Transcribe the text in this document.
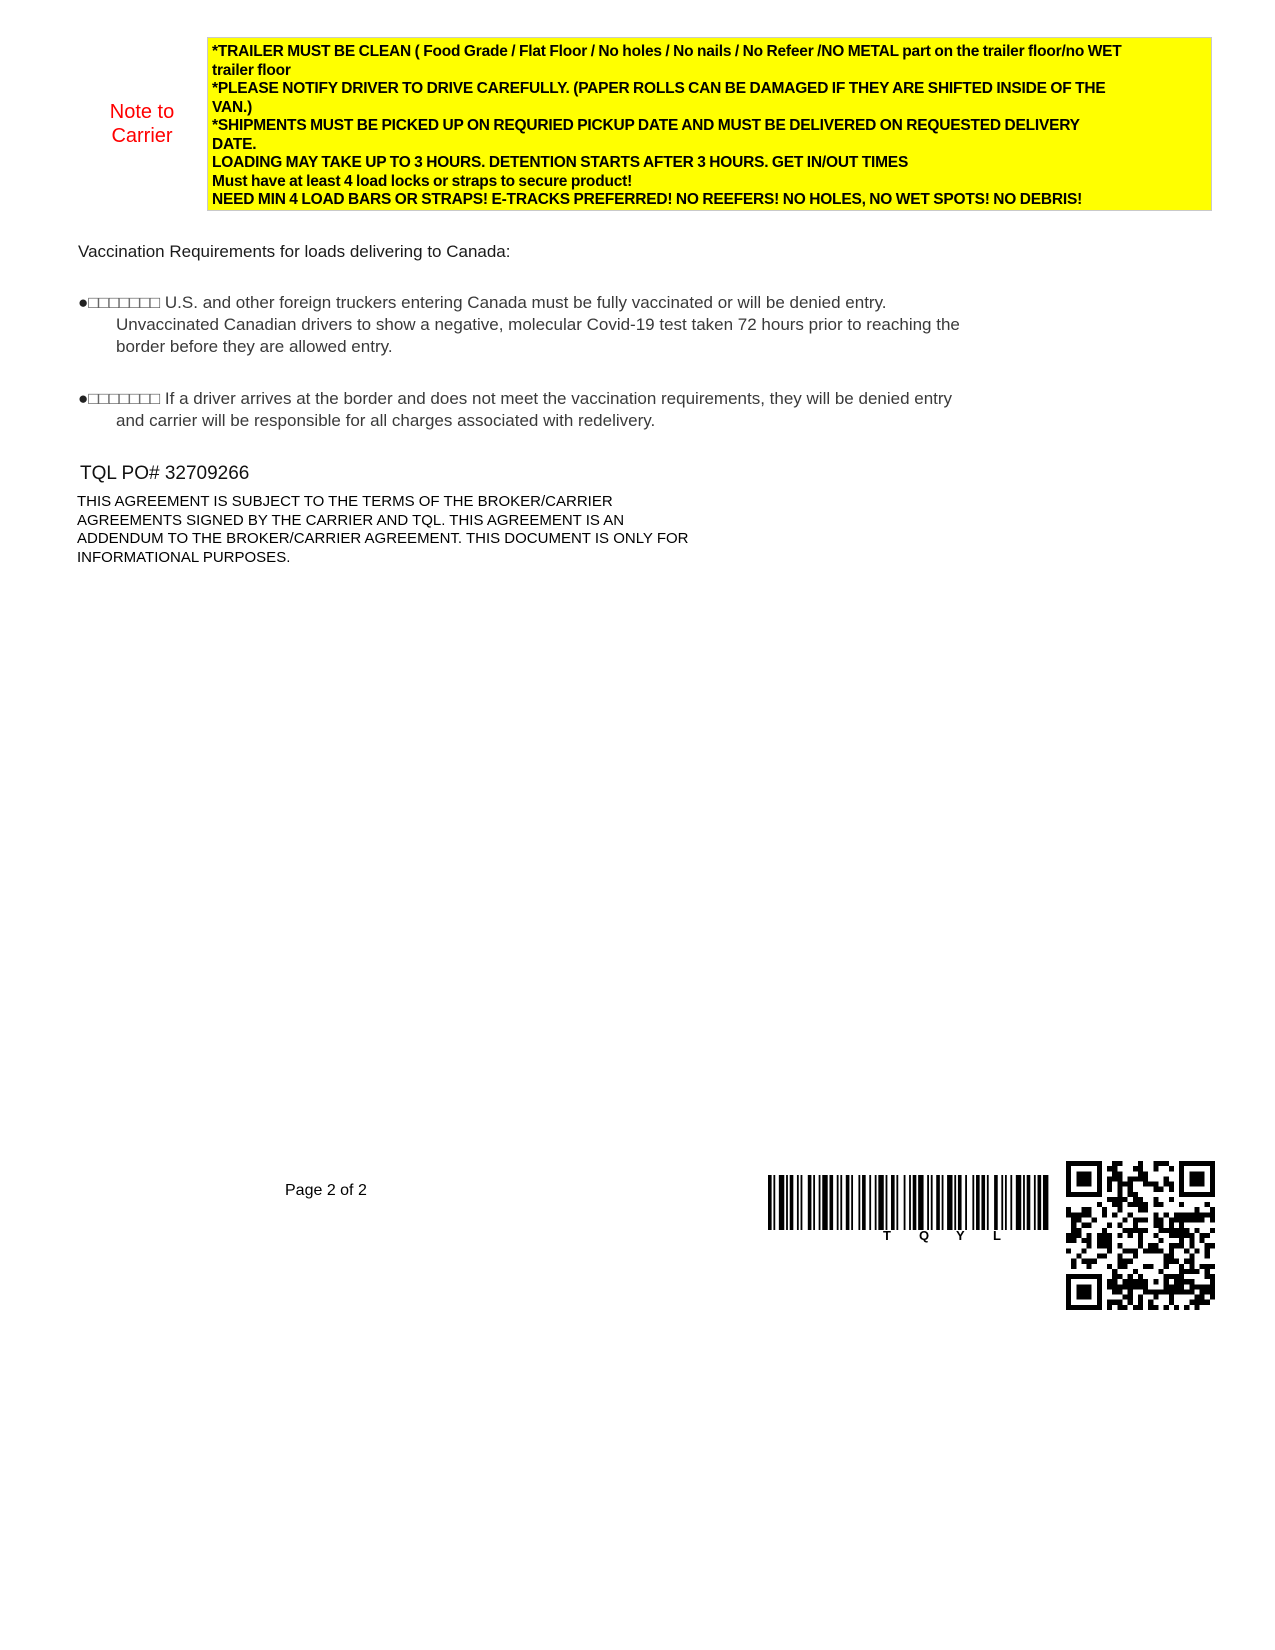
Note to
Carrier
*TRAILER MUST BE CLEAN ( Food Grade / Flat Floor / No holes / No nails / No Refeer /NO METAL part on the trailer floor/no WET
trailer floor
*PLEASE NOTIFY DRIVER TO DRIVE CAREFULLY. (PAPER ROLLS CAN BE DAMAGED IF THEY ARE SHIFTED INSIDE OF THE
VAN.)
*SHIPMENTS MUST BE PICKED UP ON REQURIED PICKUP DATE AND MUST BE DELIVERED ON REQUESTED DELIVERY
DATE.
LOADING MAY TAKE UP TO 3 HOURS. DETENTION STARTS AFTER 3 HOURS. GET IN/OUT TIMES
Must have at least 4 load locks or straps to secure product!
NEED MIN 4 LOAD BARS OR STRAPS! E-TRACKS PREFERRED! NO REEFERS! NO HOLES, NO WET SPOTS! NO DEBRIS!
Vaccination Requirements for loads delivering to Canada:
●□□□□□□□ U.S. and other foreign truckers entering Canada must be fully vaccinated or will be denied entry.
Unvaccinated Canadian drivers to show a negative, molecular Covid-19 test taken 72 hours prior to reaching the
border before they are allowed entry.
●□□□□□□□ If a driver arrives at the border and does not meet the vaccination requirements, they will be denied entry
and carrier will be responsible for all charges associated with redelivery.
TQL PO# 32709266
THIS AGREEMENT IS SUBJECT TO THE TERMS OF THE BROKER/CARRIER
AGREEMENTS SIGNED BY THE CARRIER AND TQL. THIS AGREEMENT IS AN
ADDENDUM TO THE BROKER/CARRIER AGREEMENT. THIS DOCUMENT IS ONLY FOR
INFORMATIONAL PURPOSES.
Page 2 of 2
T Q Y L
